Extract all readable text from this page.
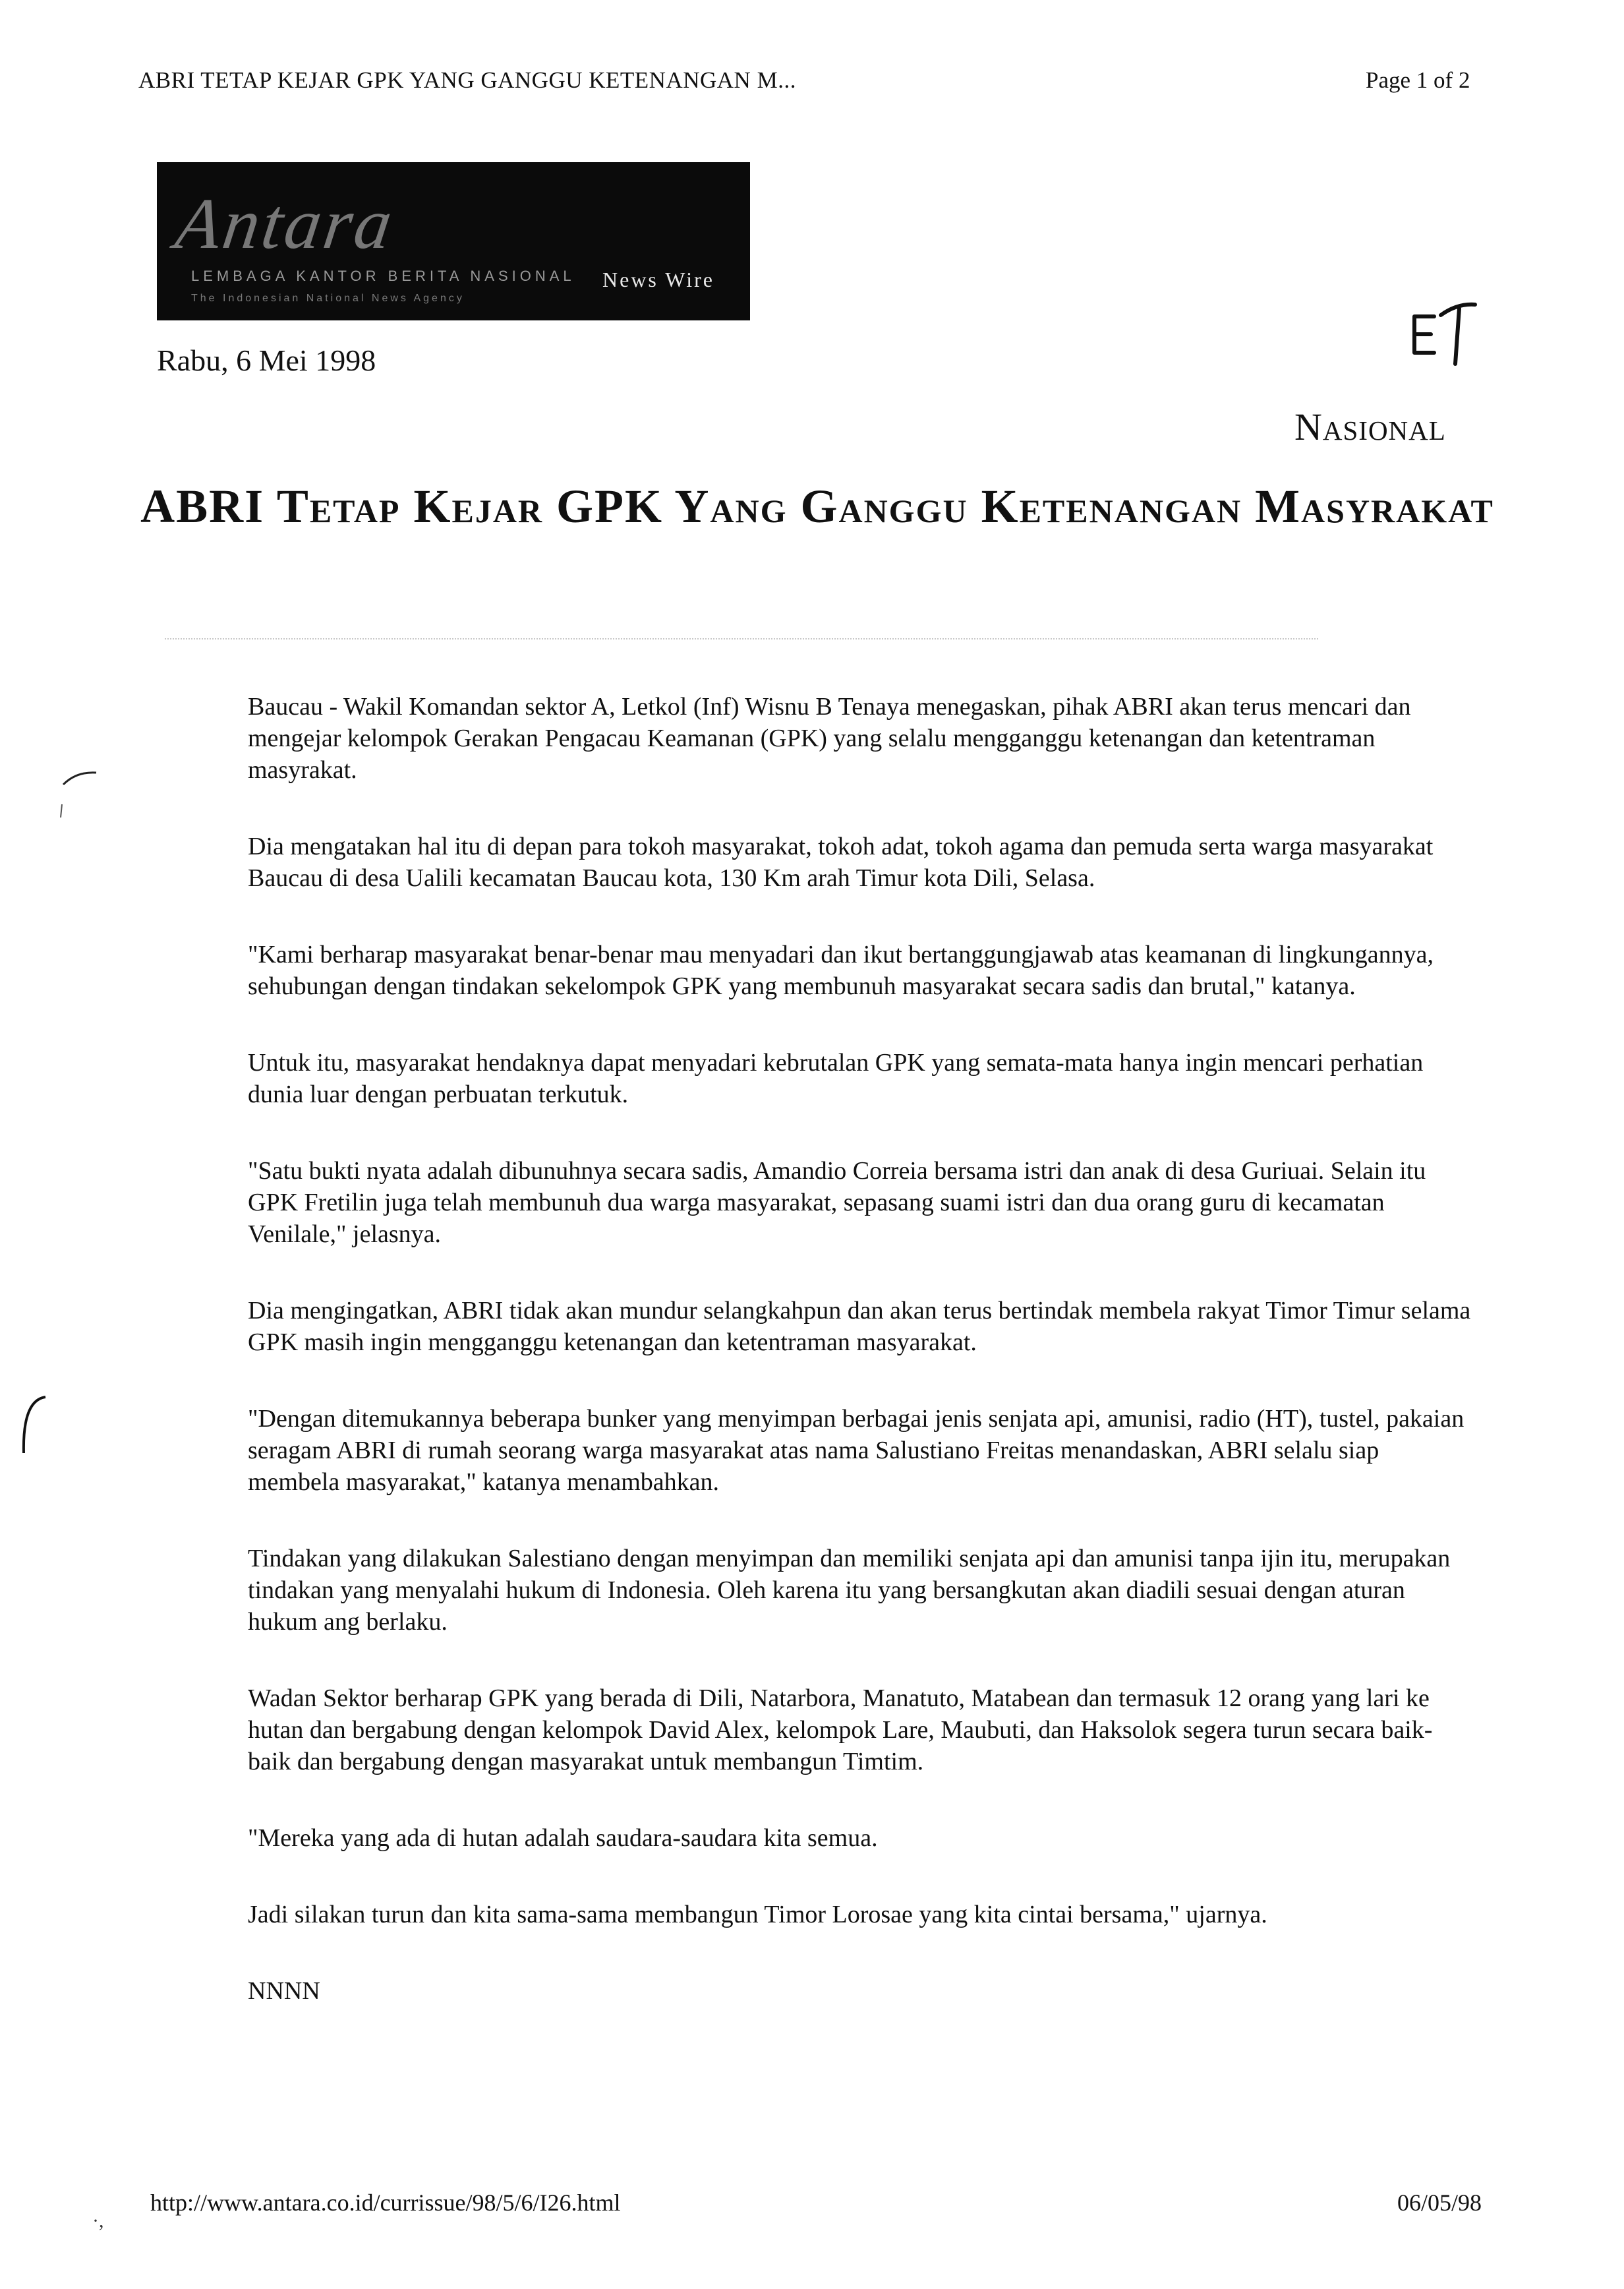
ABRI TETAP KEJAR GPK YANG GANGGU KETENANGAN M...	Page 1 of 2
Antara
LEMBAGA KANTOR BERITA NASIONAL
The Indonesian National News Agency
News Wire
Rabu, 6 Mei 1998
Nasional
ABRI Tetap Kejar GPK Yang Ganggu Ketenangan Masyrakat

Baucau - Wakil Komandan sektor A, Letkol (Inf) Wisnu B Tenaya menegaskan, pihak ABRI akan terus mencari dan mengejar kelompok Gerakan Pengacau Keamanan (GPK) yang selalu mengganggu ketenangan dan ketentraman masyrakat.

Dia mengatakan hal itu di depan para tokoh masyarakat, tokoh adat, tokoh agama dan pemuda serta warga masyarakat Baucau di desa Ualili kecamatan Baucau kota, 130 Km arah Timur kota Dili, Selasa.

"Kami berharap masyarakat benar-benar mau menyadari dan ikut bertanggungjawab atas keamanan di lingkungannya, sehubungan dengan tindakan sekelompok GPK yang membunuh masyarakat secara sadis dan brutal," katanya.

Untuk itu, masyarakat hendaknya dapat menyadari kebrutalan GPK yang semata-mata hanya ingin mencari perhatian dunia luar dengan perbuatan terkutuk.

"Satu bukti nyata adalah dibunuhnya secara sadis, Amandio Correia bersama istri dan anak di desa Guriuai. Selain itu GPK Fretilin juga telah membunuh dua warga masyarakat, sepasang suami istri dan dua orang guru di kecamatan Venilale," jelasnya.

Dia mengingatkan, ABRI tidak akan mundur selangkahpun dan akan terus bertindak membela rakyat Timor Timur selama GPK masih ingin mengganggu ketenangan dan ketentraman masyarakat.

"Dengan ditemukannya beberapa bunker yang menyimpan berbagai jenis senjata api, amunisi, radio (HT), tustel, pakaian seragam ABRI di rumah seorang warga masyarakat atas nama Salustiano Freitas menandaskan, ABRI selalu siap membela masyarakat," katanya menambahkan.

Tindakan yang dilakukan Salestiano dengan menyimpan dan memiliki senjata api dan amunisi tanpa ijin itu, merupakan tindakan yang menyalahi hukum di Indonesia. Oleh karena itu yang bersangkutan akan diadili sesuai dengan aturan hukum ang berlaku.

Wadan Sektor berharap GPK yang berada di Dili, Natarbora, Manatuto, Matabean dan termasuk 12 orang yang lari ke hutan dan bergabung dengan kelompok David Alex, kelompok Lare, Maubuti, dan Haksolok segera turun secara baik-baik dan bergabung dengan masyarakat untuk membangun Timtim.

"Mereka yang ada di hutan adalah saudara-saudara kita semua.

Jadi silakan turun dan kita sama-sama membangun Timor Lorosae yang kita cintai bersama," ujarnya.

NNNN

·,
http://www.antara.co.id/currissue/98/5/6/I26.html	06/05/98
